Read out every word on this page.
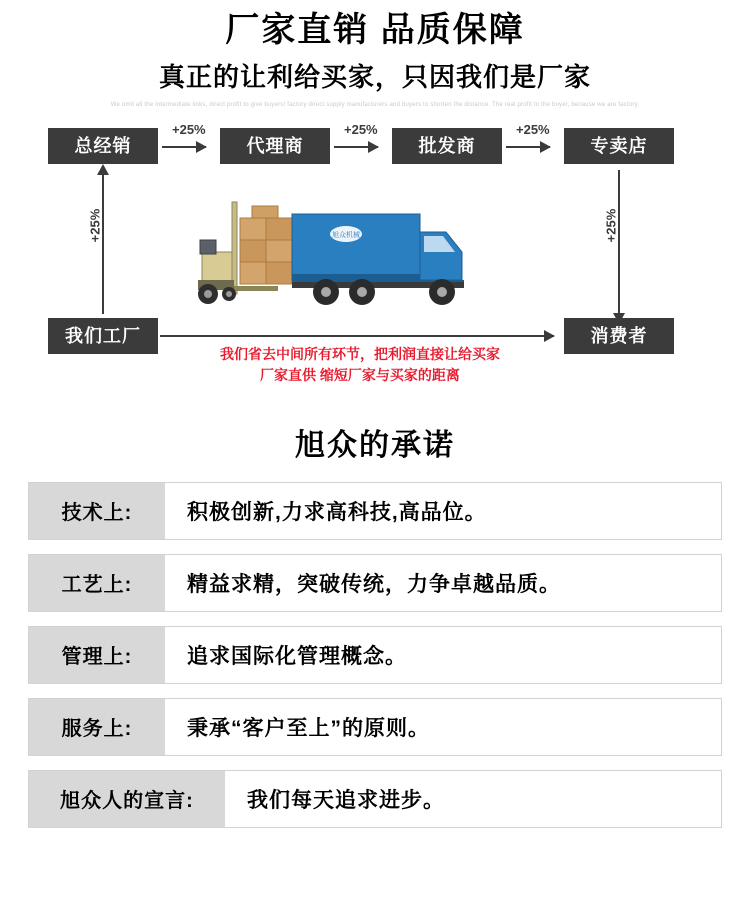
厂家直销 品质保障
真正的让利给买家，只因我们是厂家
We omit all the intermediate links, direct profit to give buyers! factory direct supply manufacturers and buyers to shorten the distance. The real profit to the buyer, because we are factory.
总经销	代理商	批发商	专卖店
我们工厂	消费者
+25%	+25%	+25%
+25%	+25%
我们省去中间所有环节，把利润直接让给买家
厂家直供 缩短厂家与买家的距离
旭众机械
旭众的承诺
技术上:	积极创新,力求高科技,高品位。
工艺上:	精益求精，突破传统，力争卓越品质。
管理上:	追求国际化管理概念。
服务上:	秉承“客户至上”的原则。
旭众人的宣言:	我们每天追求进步。
